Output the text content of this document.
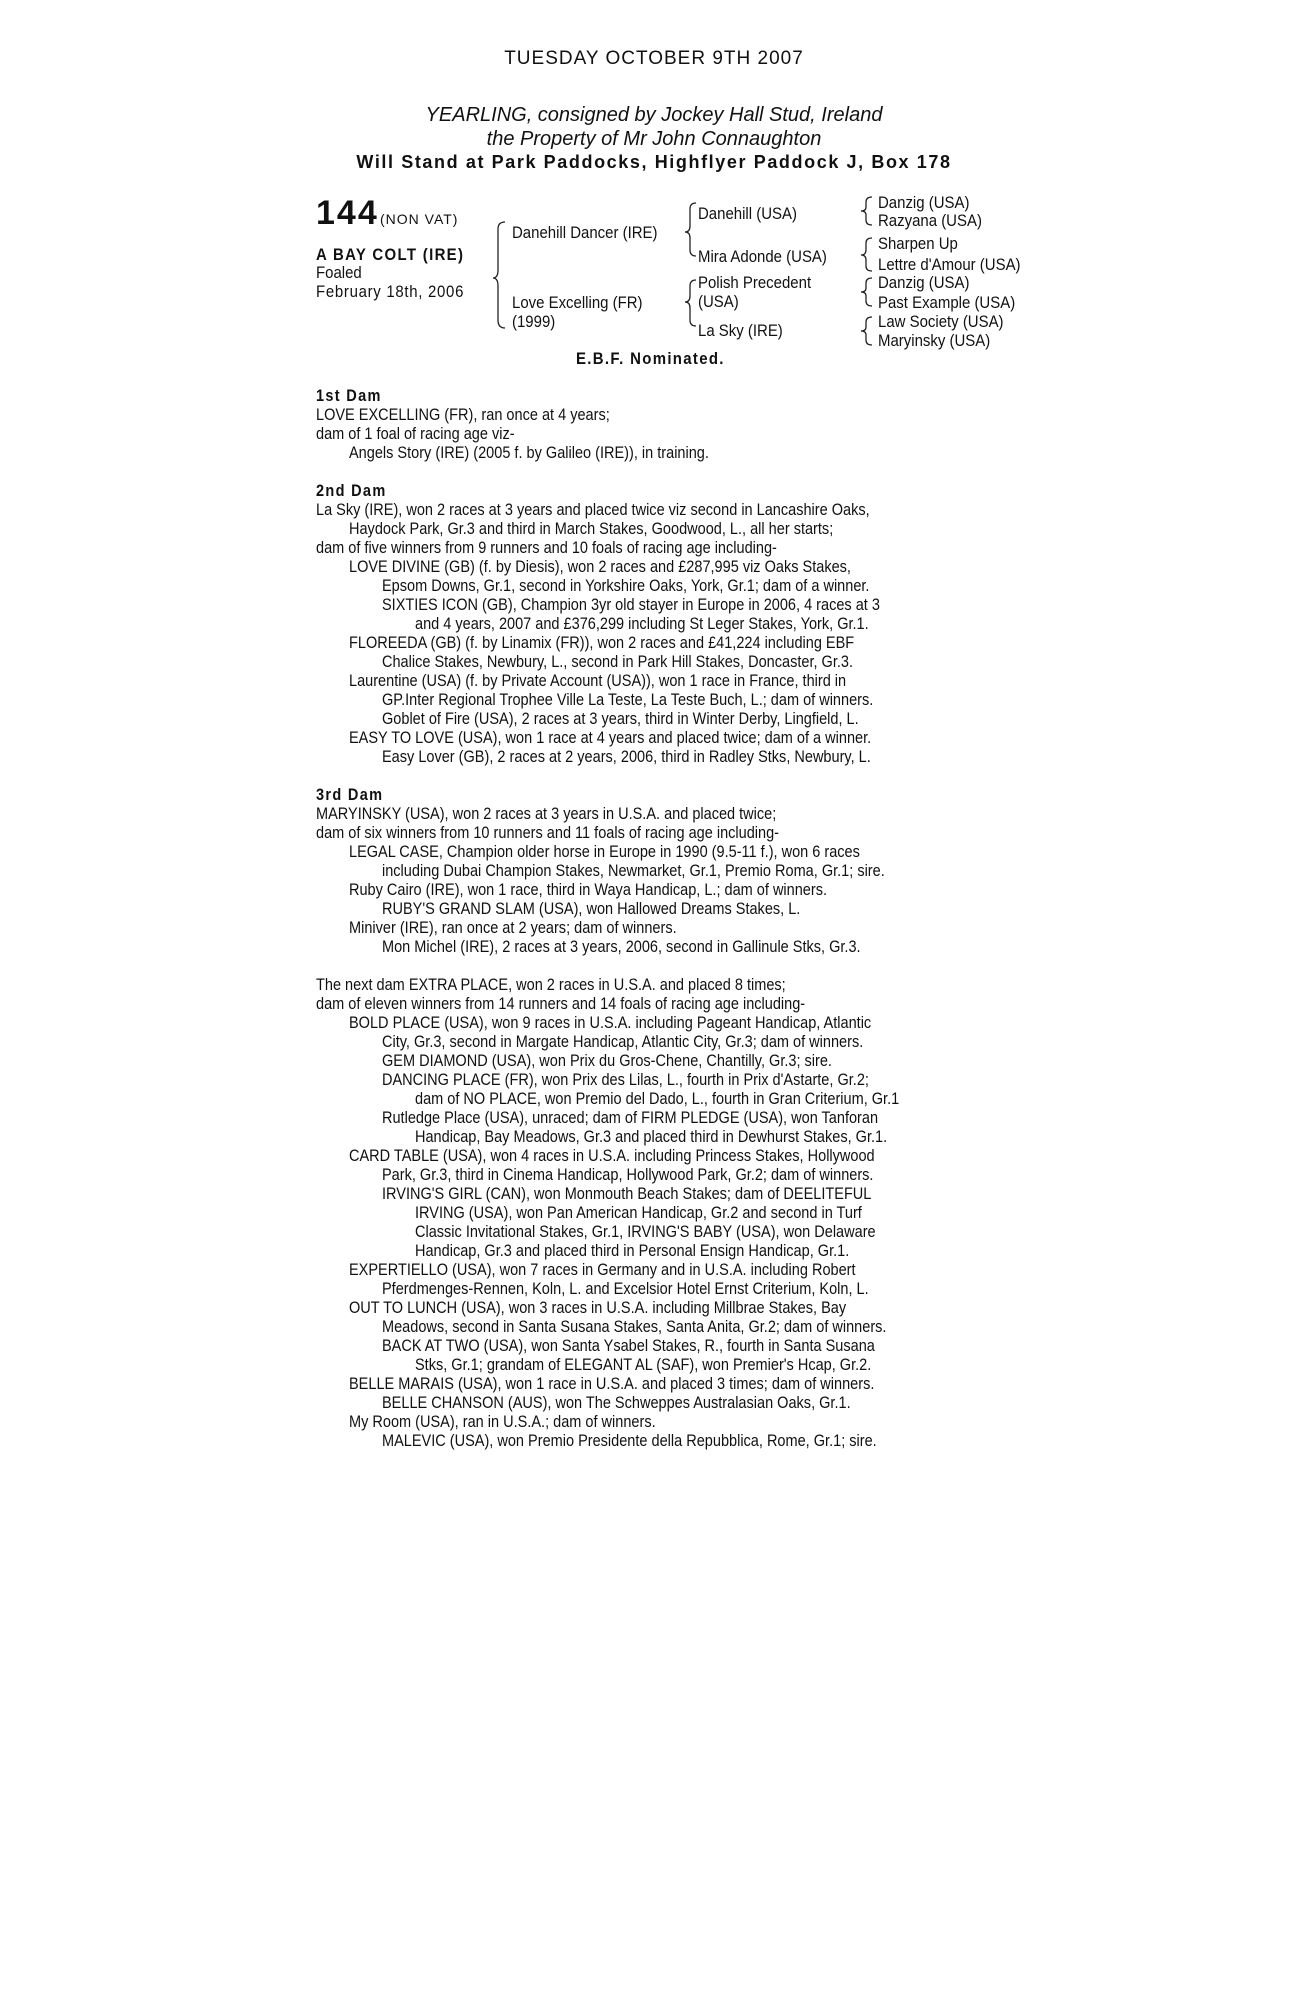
TUESDAY OCTOBER 9TH 2007
YEARLING, consigned by Jockey Hall Stud, Ireland
the Property of Mr John Connaughton
Will Stand at Park Paddocks, Highflyer Paddock J, Box 178
144 (NON VAT)
A BAY COLT (IRE)
Foaled
February 18th, 2006
Danehill Dancer (IRE)
Love Excelling (FR)
(1999)
Danehill (USA)
Mira Adonde (USA)
Polish Precedent
(USA)
La Sky (IRE)
Danzig (USA)
Razyana (USA)
Sharpen Up
Lettre d'Amour (USA)
Danzig (USA)
Past Example (USA)
Law Society (USA)
Maryinsky (USA)
E.B.F. Nominated.
1st Dam
LOVE EXCELLING (FR), ran once at 4 years;
dam of 1 foal of racing age viz-
Angels Story (IRE) (2005 f. by Galileo (IRE)), in training.
2nd Dam
La Sky (IRE), won 2 races at 3 years and placed twice viz second in Lancashire Oaks,
Haydock Park, Gr.3 and third in March Stakes, Goodwood, L., all her starts;
dam of five winners from 9 runners and 10 foals of racing age including-
LOVE DIVINE (GB) (f. by Diesis), won 2 races and £287,995 viz Oaks Stakes,
Epsom Downs, Gr.1, second in Yorkshire Oaks, York, Gr.1; dam of a winner.
SIXTIES ICON (GB), Champion 3yr old stayer in Europe in 2006, 4 races at 3
and 4 years, 2007 and £376,299 including St Leger Stakes, York, Gr.1.
FLOREEDA (GB) (f. by Linamix (FR)), won 2 races and £41,224 including EBF
Chalice Stakes, Newbury, L., second in Park Hill Stakes, Doncaster, Gr.3.
Laurentine (USA) (f. by Private Account (USA)), won 1 race in France, third in
GP.Inter Regional Trophee Ville La Teste, La Teste Buch, L.; dam of winners.
Goblet of Fire (USA), 2 races at 3 years, third in Winter Derby, Lingfield, L.
EASY TO LOVE (USA), won 1 race at 4 years and placed twice; dam of a winner.
Easy Lover (GB), 2 races at 2 years, 2006, third in Radley Stks, Newbury, L.
3rd Dam
MARYINSKY (USA), won 2 races at 3 years in U.S.A. and placed twice;
dam of six winners from 10 runners and 11 foals of racing age including-
LEGAL CASE, Champion older horse in Europe in 1990 (9.5-11 f.), won 6 races
including Dubai Champion Stakes, Newmarket, Gr.1, Premio Roma, Gr.1; sire.
Ruby Cairo (IRE), won 1 race, third in Waya Handicap, L.; dam of winners.
RUBY'S GRAND SLAM (USA), won Hallowed Dreams Stakes, L.
Miniver (IRE), ran once at 2 years; dam of winners.
Mon Michel (IRE), 2 races at 3 years, 2006, second in Gallinule Stks, Gr.3.
The next dam EXTRA PLACE, won 2 races in U.S.A. and placed 8 times;
dam of eleven winners from 14 runners and 14 foals of racing age including-
BOLD PLACE (USA), won 9 races in U.S.A. including Pageant Handicap, Atlantic
City, Gr.3, second in Margate Handicap, Atlantic City, Gr.3; dam of winners.
GEM DIAMOND (USA), won Prix du Gros-Chene, Chantilly, Gr.3; sire.
DANCING PLACE (FR), won Prix des Lilas, L., fourth in Prix d'Astarte, Gr.2;
dam of NO PLACE, won Premio del Dado, L., fourth in Gran Criterium, Gr.1
Rutledge Place (USA), unraced; dam of FIRM PLEDGE (USA), won Tanforan
Handicap, Bay Meadows, Gr.3 and placed third in Dewhurst Stakes, Gr.1.
CARD TABLE (USA), won 4 races in U.S.A. including Princess Stakes, Hollywood
Park, Gr.3, third in Cinema Handicap, Hollywood Park, Gr.2; dam of winners.
IRVING'S GIRL (CAN), won Monmouth Beach Stakes; dam of DEELITEFUL
IRVING (USA), won Pan American Handicap, Gr.2 and second in Turf
Classic Invitational Stakes, Gr.1, IRVING'S BABY (USA), won Delaware
Handicap, Gr.3 and placed third in Personal Ensign Handicap, Gr.1.
EXPERTIELLO (USA), won 7 races in Germany and in U.S.A. including Robert
Pferdmenges-Rennen, Koln, L. and Excelsior Hotel Ernst Criterium, Koln, L.
OUT TO LUNCH (USA), won 3 races in U.S.A. including Millbrae Stakes, Bay
Meadows, second in Santa Susana Stakes, Santa Anita, Gr.2; dam of winners.
BACK AT TWO (USA), won Santa Ysabel Stakes, R., fourth in Santa Susana
Stks, Gr.1; grandam of ELEGANT AL (SAF), won Premier's Hcap, Gr.2.
BELLE MARAIS (USA), won 1 race in U.S.A. and placed 3 times; dam of winners.
BELLE CHANSON (AUS), won The Schweppes Australasian Oaks, Gr.1.
My Room (USA), ran in U.S.A.; dam of winners.
MALEVIC (USA), won Premio Presidente della Repubblica, Rome, Gr.1; sire.
